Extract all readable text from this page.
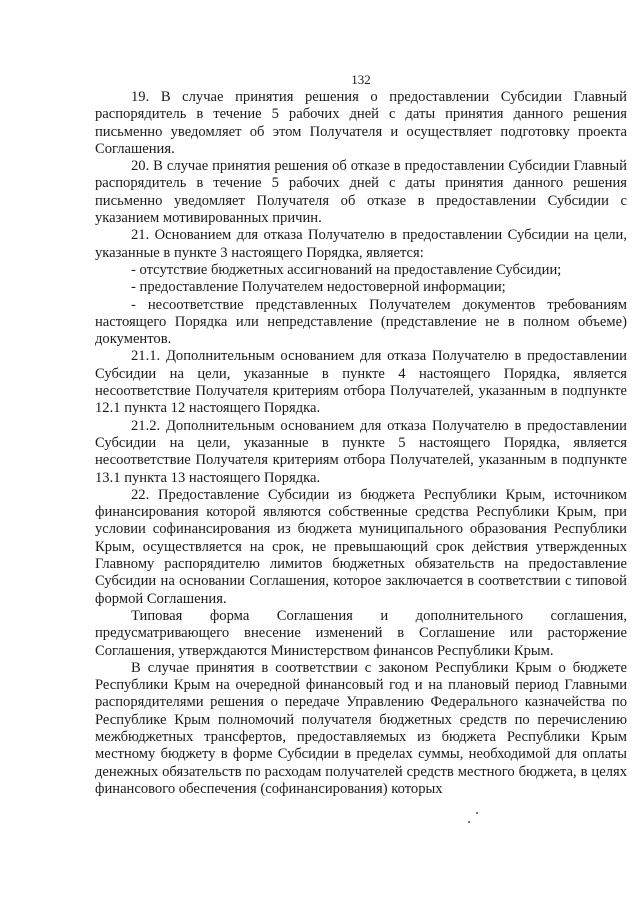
132

19. В случае принятия решения о предоставлении Субсидии Главный распорядитель в течение 5 рабочих дней с даты принятия данного решения письменно уведомляет об этом Получателя и осуществляет подготовку проекта Соглашения.

20. В случае принятия решения об отказе в предоставлении Субсидии Главный распорядитель в течение 5 рабочих дней с даты принятия данного решения письменно уведомляет Получателя об отказе в предоставлении Субсидии с указанием мотивированных причин.

21. Основанием для отказа Получателю в предоставлении Субсидии на цели, указанные в пункте 3 настоящего Порядка, является:

- отсутствие бюджетных ассигнований на предоставление Субсидии;

- предоставление Получателем недостоверной информации;

- несоответствие представленных Получателем документов требованиям настоящего Порядка или непредставление (представление не в полном объеме) документов.

21.1. Дополнительным основанием для отказа Получателю в предоставлении Субсидии на цели, указанные в пункте 4 настоящего Порядка, является несоответствие Получателя критериям отбора Получателей, указанным в подпункте 12.1 пункта 12 настоящего Порядка.

21.2. Дополнительным основанием для отказа Получателю в предоставлении Субсидии на цели, указанные в пункте 5 настоящего Порядка, является несоответствие Получателя критериям отбора Получателей, указанным в подпункте 13.1 пункта 13 настоящего Порядка.

22. Предоставление Субсидии из бюджета Республики Крым, источником финансирования которой являются собственные средства Республики Крым, при условии софинансирования из бюджета муниципального образования Республики Крым, осуществляется на срок, не превышающий срок действия утвержденных Главному распорядителю лимитов бюджетных обязательств на предоставление Субсидии на основании Соглашения, которое заключается в соответствии с типовой формой Соглашения.

Типовая форма Соглашения и дополнительного соглашения, предусматривающего внесение изменений в Соглашение или расторжение Соглашения, утверждаются Министерством финансов Республики Крым.

В случае принятия в соответствии с законом Республики Крым о бюджете Республики Крым на очередной финансовый год и на плановый период Главными распорядителями решения о передаче Управлению Федерального казначейства по Республике Крым полномочий получателя бюджетных средств по перечислению межбюджетных трансфертов, предоставляемых из бюджета Республики Крым местному бюджету в форме Субсидии в пределах суммы, необходимой для оплаты денежных обязательств по расходам получателей средств местного бюджета, в целях финансового обеспечения (софинансирования) которых
